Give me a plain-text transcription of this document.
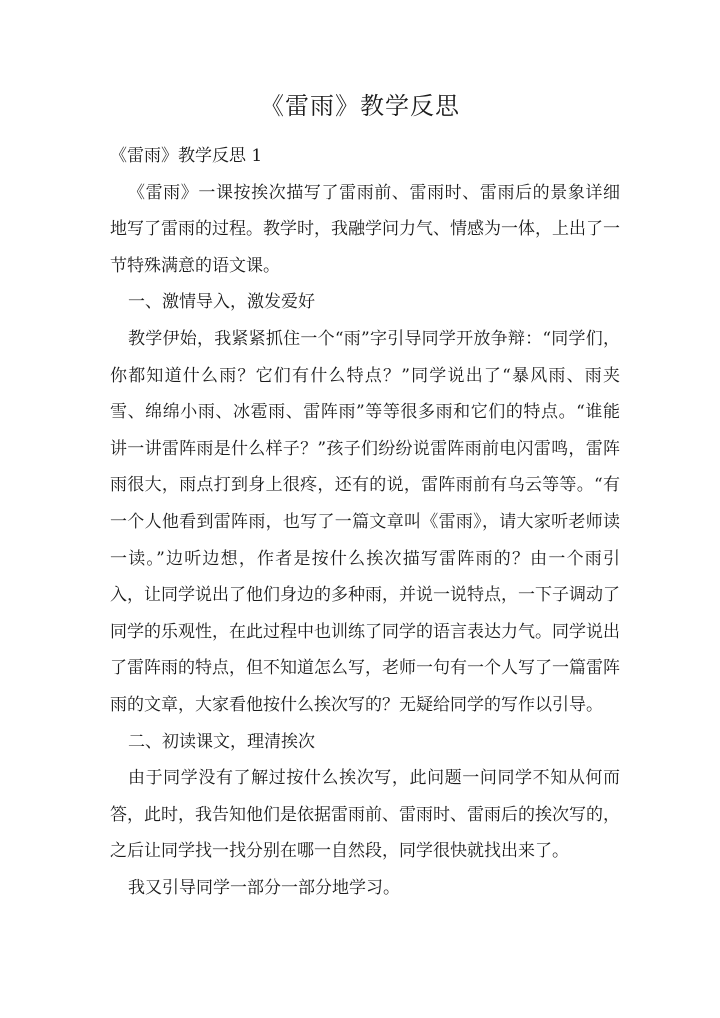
《雷雨》教学反思

《雷雨》教学反思 1

《雷雨》一课按挨次描写了雷雨前、雷雨时、雷雨后的景象详细地写了雷雨的过程。教学时，我融学问力气、情感为一体，上出了一节特殊满意的语文课。

一、激情导入，激发爱好

教学伊始，我紧紧抓住一个“雨”字引导同学开放争辩：“同学们，你都知道什么雨？它们有什么特点？”同学说出了“暴风雨、雨夹雪、绵绵小雨、冰雹雨、雷阵雨”等等很多雨和它们的特点。“谁能讲一讲雷阵雨是什么样子？”孩子们纷纷说雷阵雨前电闪雷鸣，雷阵雨很大，雨点打到身上很疼，还有的说，雷阵雨前有乌云等等。“有一个人他看到雷阵雨，也写了一篇文章叫《雷雨》，请大家听老师读一读。”边听边想，作者是按什么挨次描写雷阵雨的？由一个雨引入，让同学说出了他们身边的多种雨，并说一说特点，一下子调动了同学的乐观性，在此过程中也训练了同学的语言表达力气。同学说出了雷阵雨的特点，但不知道怎么写，老师一句有一个人写了一篇雷阵雨的文章，大家看他按什么挨次写的？无疑给同学的写作以引导。

二、初读课文，理清挨次

由于同学没有了解过按什么挨次写，此问题一问同学不知从何而答，此时，我告知他们是依据雷雨前、雷雨时、雷雨后的挨次写的，之后让同学找一找分别在哪一自然段，同学很快就找出来了。

我又引导同学一部分一部分地学习。
